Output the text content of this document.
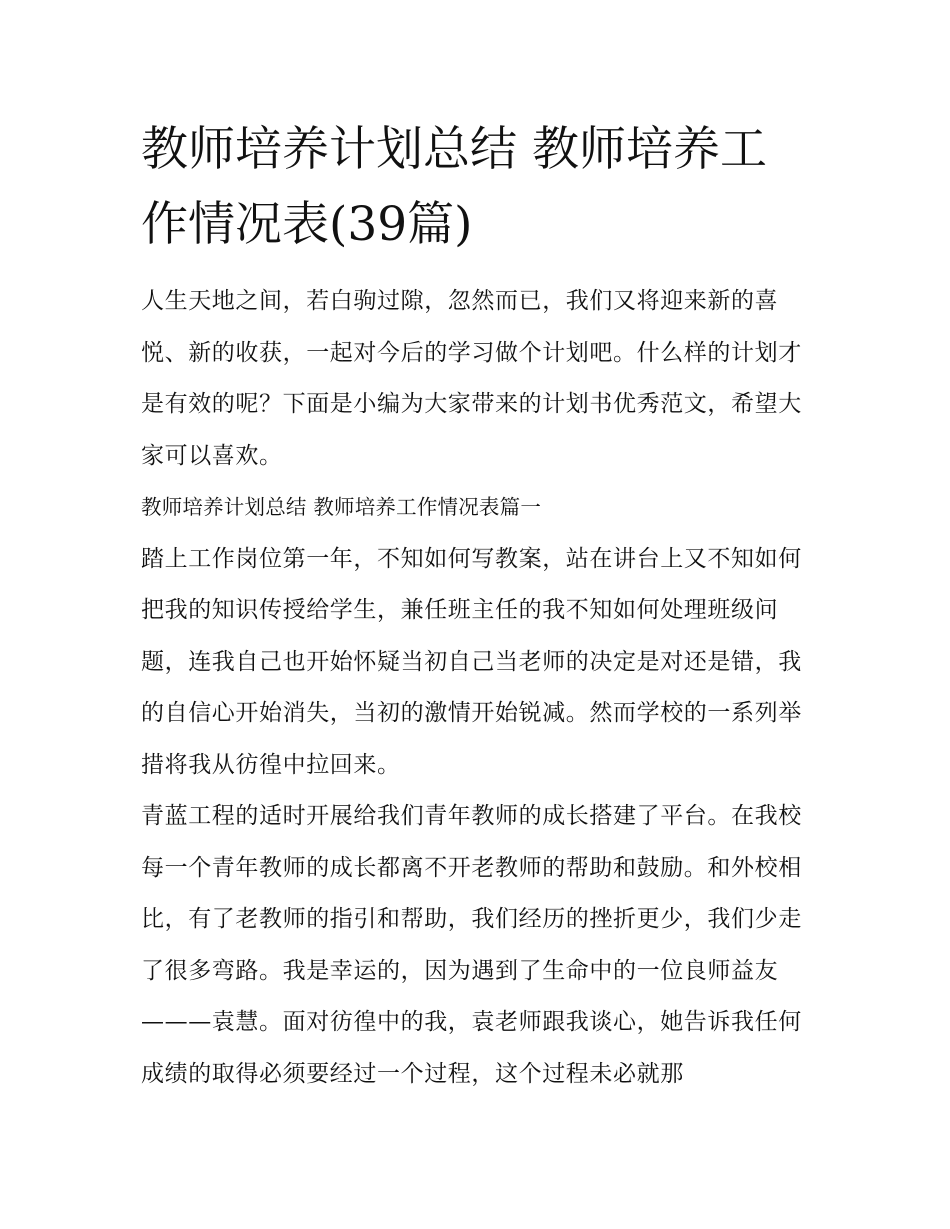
教师培养计划总结 教师培养工作情况表(39篇)

人生天地之间，若白驹过隙，忽然而已，我们又将迎来新的喜悦、新的收获，一起对今后的学习做个计划吧。什么样的计划才是有效的呢？下面是小编为大家带来的计划书优秀范文，希望大家可以喜欢。

教师培养计划总结 教师培养工作情况表篇一

踏上工作岗位第一年，不知如何写教案，站在讲台上又不知如何把我的知识传授给学生，兼任班主任的我不知如何处理班级问题，连我自己也开始怀疑当初自己当老师的决定是对还是错，我的自信心开始消失，当初的激情开始锐减。然而学校的一系列举措将我从彷徨中拉回来。

青蓝工程的适时开展给我们青年教师的成长搭建了平台。在我校每一个青年教师的成长都离不开老教师的帮助和鼓励。和外校相比，有了老教师的指引和帮助，我们经历的挫折更少，我们少走了很多弯路。我是幸运的，因为遇到了生命中的一位良师益友———袁慧。面对彷徨中的我，袁老师跟我谈心，她告诉我任何成绩的取得必须要经过一个过程，这个过程未必就那
